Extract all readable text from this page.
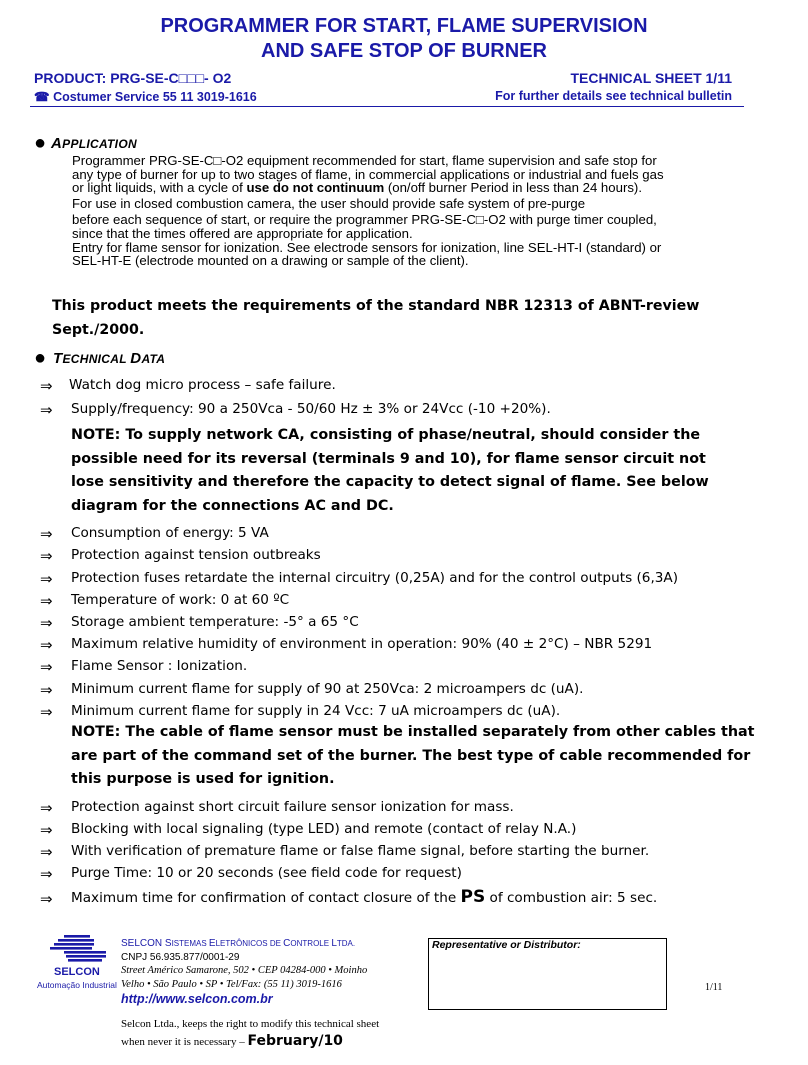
PROGRAMMER FOR START, FLAME SUPERVISION
AND SAFE STOP OF BURNER
PRODUCT: PRG-SE-C□□□- O2	TECHNICAL SHEET 1/11
☎ Costumer Service 55 11 3019-1616	For further details see technical bulletin
● APPLICATION

Programmer PRG-SE-C□-O2 equipment recommended for start, flame supervision and safe stop for

any type of burner for up to two stages of flame, in commercial applications or industrial and fuels gas

or light liquids, with a cycle of use do not continuum (on/off burner Period in less than 24 hours).

For use in closed combustion camera, the user should provide safe system of pre-purge

before each sequence of start, or require the programmer PRG-SE-C□-O2 with purge timer coupled,

since that the times offered are appropriate for application.

Entry for flame sensor for ionization. See electrode sensors for ionization, line SEL-HT-I (standard) or

SEL-HT-E (electrode mounted on a drawing or sample of the client).

This product meets the requirements of the standard NBR 12313 of ABNT-review
Sept./2000.
● TECHNICAL DATA
⇒ Watch dog micro process – safe failure.
⇒ Supply/frequency: 90 a 250Vca - 50/60 Hz ± 3% or 24Vcc (-10 +20%).
NOTE: To supply network CA, consisting of phase/neutral, should consider the
possible need for its reversal (terminals 9 and 10), for flame sensor circuit not
lose sensitivity and therefore the capacity to detect signal of flame. See below
diagram for the connections AC and DC.
⇒ Consumption of energy: 5 VA
⇒ Protection against tension outbreaks
⇒ Protection fuses retardate the internal circuitry (0,25A) and for the control outputs (6,3A)
⇒ Temperature of work: 0 at 60 ºC
⇒ Storage ambient temperature: -5° a 65 °C
⇒ Maximum relative humidity of environment in operation: 90% (40 ± 2°C) – NBR 5291
⇒ Flame Sensor : Ionization.
⇒ Minimum current flame for supply of 90 at 250Vca: 2 microampers dc (uA).
⇒ Minimum current flame for supply in 24 Vcc: 7 uA microampers dc (uA).
NOTE: The cable of flame sensor must be installed separately from other cables that
are part of the command set of the burner. The best type of cable recommended for
this purpose is used for ignition.
⇒ Protection against short circuit failure sensor ionization for mass.
⇒ Blocking with local signaling (type LED) and remote (contact of relay N.A.)
⇒ With verification of premature flame or false flame signal, before starting the burner.
⇒ Purge Time: 10 or 20 seconds (see field code for request)
⇒ Maximum time for confirmation of contact closure of the PS of combustion air: 5 sec.
SELCON
Automação Industrial
SELCON SISTEMAS ELETRÔNICOS DE CONTROLE LTDA.
CNPJ 56.935.877/0001-29
Street Américo Samarone, 502 • CEP 04284-000 • Moinho
Velho • São Paulo • SP • Tel/Fax: (55 11) 3019-1616
http://www.selcon.com.br
Selcon Ltda., keeps the right to modify this technical sheet
when never it is necessary – February/10
Representative or Distributor:
1/11
